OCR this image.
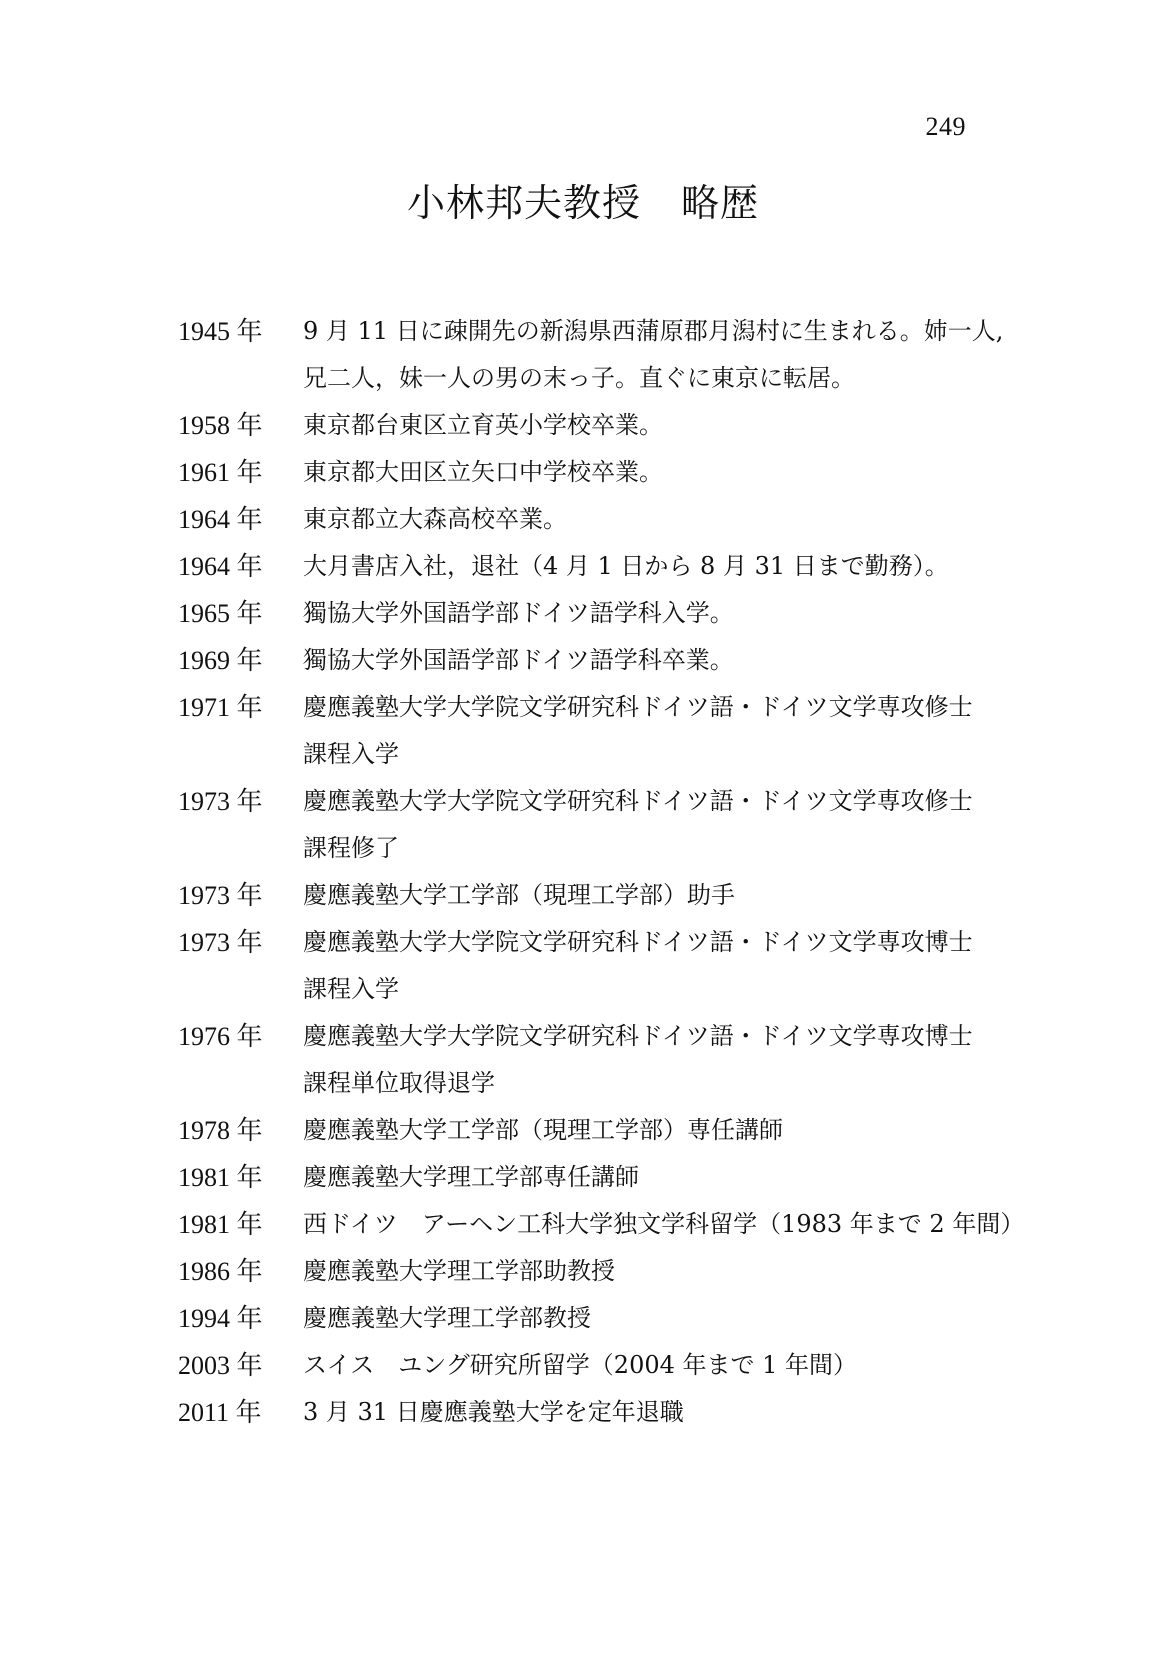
249
小林邦夫教授 略歴
1945 年	9 月 11 日に疎開先の新潟県西蒲原郡月潟村に生まれる。姉一人,
兄二人，妹一人の男の末っ子。直ぐに東京に転居。
1958 年	東京都台東区立育英小学校卒業。
1961 年	東京都大田区立矢口中学校卒業。
1964 年	東京都立大森高校卒業。
1964 年	大月書店入社，退社（4 月 1 日から 8 月 31 日まで勤務）。
1965 年	獨協大学外国語学部ドイツ語学科入学。
1969 年	獨協大学外国語学部ドイツ語学科卒業。
1971 年	慶應義塾大学大学院文学研究科ドイツ語・ドイツ文学専攻修士
課程入学
1973 年	慶應義塾大学大学院文学研究科ドイツ語・ドイツ文学専攻修士
課程修了
1973 年	慶應義塾大学工学部（現理工学部）助手
1973 年	慶應義塾大学大学院文学研究科ドイツ語・ドイツ文学専攻博士
課程入学
1976 年	慶應義塾大学大学院文学研究科ドイツ語・ドイツ文学専攻博士
課程単位取得退学
1978 年	慶應義塾大学工学部（現理工学部）専任講師
1981 年	慶應義塾大学理工学部専任講師
1981 年	西ドイツ　アーヘン工科大学独文学科留学（1983 年まで 2 年間）
1986 年	慶應義塾大学理工学部助教授
1994 年	慶應義塾大学理工学部教授
2003 年	スイス　ユング研究所留学（2004 年まで 1 年間）
2011 年	3 月 31 日慶應義塾大学を定年退職
